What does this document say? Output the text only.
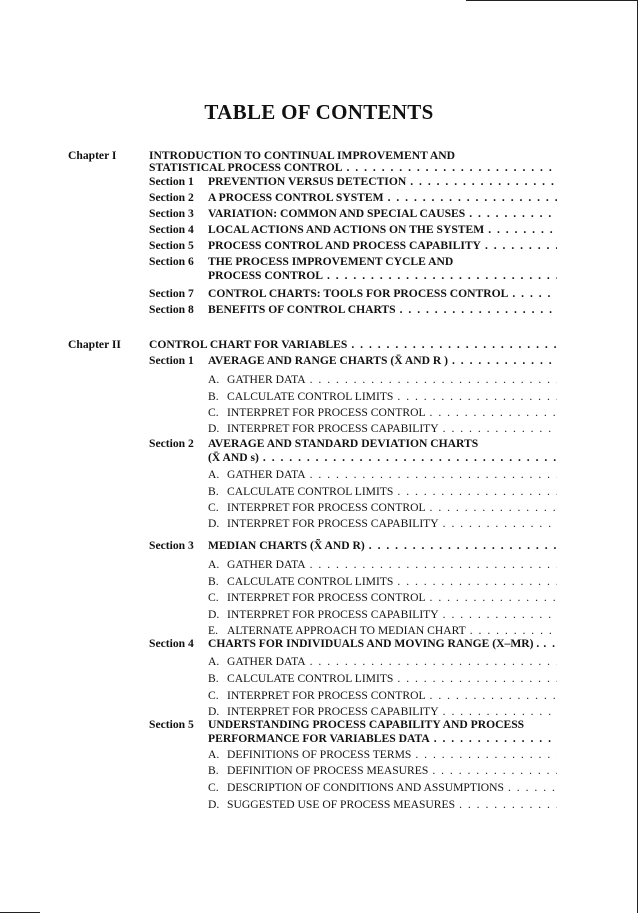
TABLE OF CONTENTS
Chapter I	INTRODUCTION TO CONTINUAL IMPROVEMENT AND
STATISTICAL PROCESS CONTROL
. . .
Section 1 PREVENTION VERSUS DETECTION
. . .
Section 2 A PROCESS CONTROL SYSTEM
. . .
Section 3 VARIATION: COMMON AND SPECIAL CAUSES
. . .
Section 4 LOCAL ACTIONS AND ACTIONS ON THE SYSTEM
. . .
Section 5 PROCESS CONTROL AND PROCESS CAPABILITY
. . .
Section 6 THE PROCESS IMPROVEMENT CYCLE AND
PROCESS CONTROL
. . .
Section 7 CONTROL CHARTS: TOOLS FOR PROCESS CONTROL
. . .
Section 8 BENEFITS OF CONTROL CHARTS
. . .
Chapter II CONTROL CHART FOR VARIABLES
. . .
Section 1 AVERAGE AND RANGE CHARTS (X̄ AND R )
. . .
A. GATHER DATA
. . .
B. CALCULATE CONTROL LIMITS
. . .
C. INTERPRET FOR PROCESS CONTROL
. . .
D. INTERPRET FOR PROCESS CAPABILITY
. . .
Section 2 AVERAGE AND STANDARD DEVIATION CHARTS
(X̄ AND s)
. . .
A. GATHER DATA
. . .
B. CALCULATE CONTROL LIMITS
. . .
C. INTERPRET FOR PROCESS CONTROL
. . .
D. INTERPRET FOR PROCESS CAPABILITY
. . .
Section 3 MEDIAN CHARTS (X̃ AND R)
. . .
A. GATHER DATA
. . .
B. CALCULATE CONTROL LIMITS
. . .
C. INTERPRET FOR PROCESS CONTROL
. . .
D. INTERPRET FOR PROCESS CAPABILITY
. . .
E. ALTERNATE APPROACH TO MEDIAN CHART
. . .
Section 4 CHARTS FOR INDIVIDUALS AND MOVING RANGE (X–MR) .
. . .
A. GATHER DATA
. . .
B. CALCULATE CONTROL LIMITS
. . .
C. INTERPRET FOR PROCESS CONTROL
. . .
D. INTERPRET FOR PROCESS CAPABILITY
. . .
Section 5 UNDERSTANDING PROCESS CAPABILITY AND PROCESS
PERFORMANCE FOR VARIABLES DATA
. . .
A. DEFINITIONS OF PROCESS TERMS
. . .
B. DEFINITION OF PROCESS MEASURES
. . .
C. DESCRIPTION OF CONDITIONS AND ASSUMPTIONS
. . .
D. SUGGESTED USE OF PROCESS MEASURES
. . .
